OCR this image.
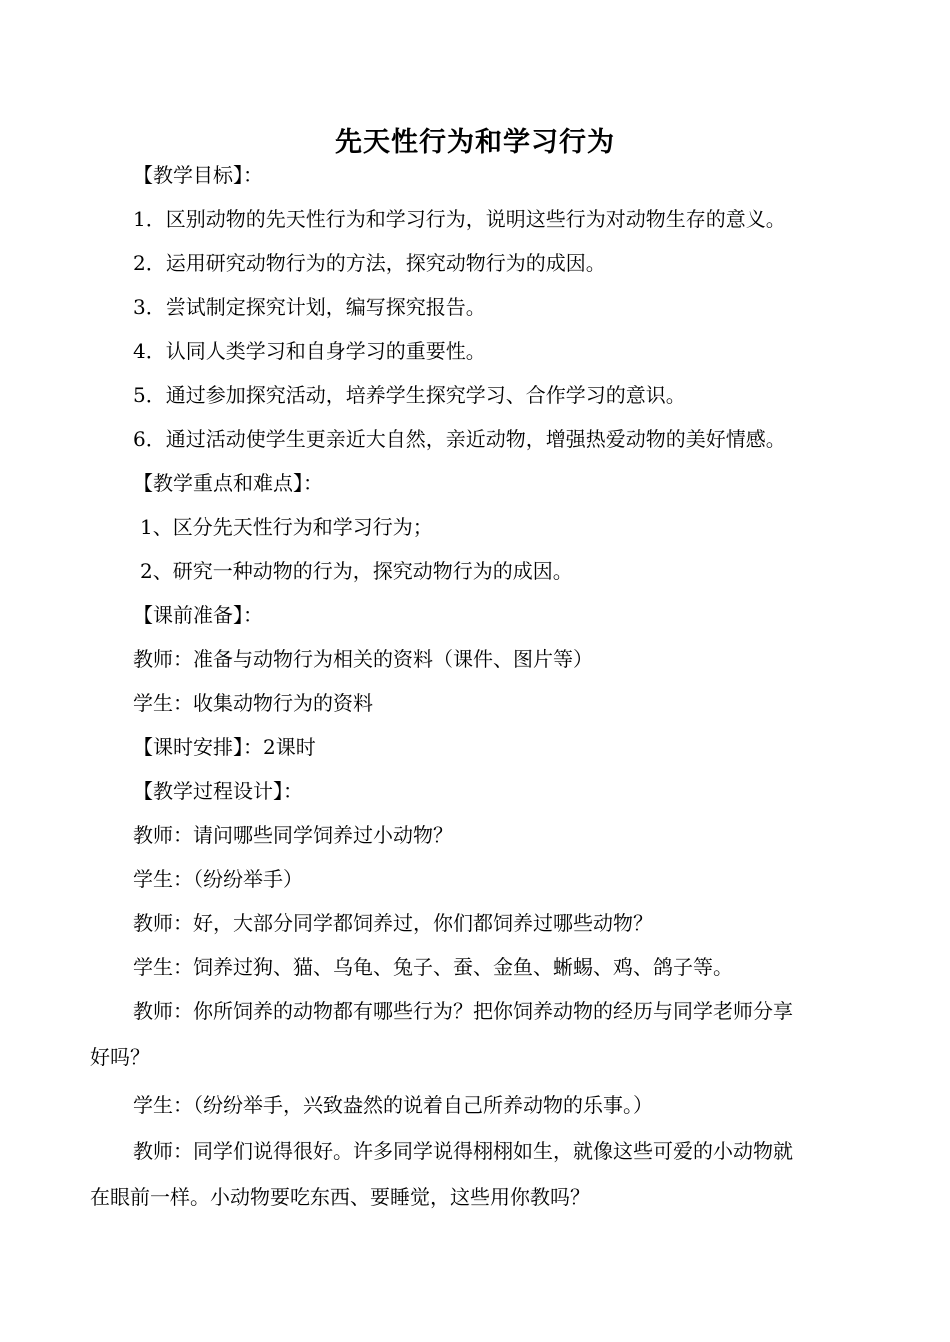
先天性行为和学习行为
【教学目标】：
1．区别动物的先天性行为和学习行为，说明这些行为对动物生存的意义。
2．运用研究动物行为的方法，探究动物行为的成因。
3．尝试制定探究计划，编写探究报告。
4．认同人类学习和自身学习的重要性。
5．通过参加探究活动，培养学生探究学习、合作学习的意识。
6．通过活动使学生更亲近大自然，亲近动物，增强热爱动物的美好情感。
【教学重点和难点】：
1、区分先天性行为和学习行为；
2、研究一种动物的行为，探究动物行为的成因。
【课前准备】：
教师：准备与动物行为相关的资料（课件、图片等）
学生：收集动物行为的资料
【课时安排】：2课时
【教学过程设计】：
教师：请问哪些同学饲养过小动物？
学生：（纷纷举手）
教师：好，大部分同学都饲养过，你们都饲养过哪些动物？
学生：饲养过狗、猫、乌龟、兔子、蚕、金鱼、蜥蜴、鸡、鸽子等。
教师：你所饲养的动物都有哪些行为？把你饲养动物的经历与同学老师分享
好吗？
学生：（纷纷举手，兴致盎然的说着自己所养动物的乐事。）
教师：同学们说得很好。许多同学说得栩栩如生，就像这些可爱的小动物就
在眼前一样。小动物要吃东西、要睡觉，这些用你教吗？
